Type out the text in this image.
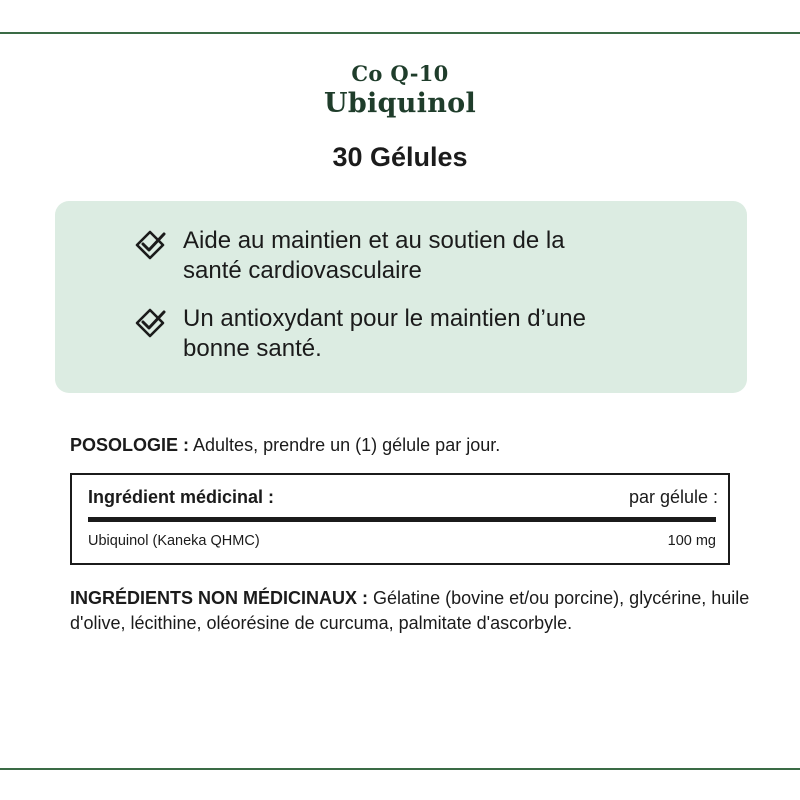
Co Q-10
Ubiquinol
30 Gélules
Aide au maintien et au soutien de la
santé cardiovasculaire
Un antioxydant pour le maintien d’une
bonne santé.
POSOLOGIE : Adultes, prendre un (1) gélule par jour.
Ingrédient médicinal :	par gélule :
Ubiquinol (Kaneka QHMC)	100 mg
INGRÉDIENTS NON MÉDICINAUX : Gélatine (bovine et/ou porcine), glycérine, huile d'olive, lécithine, oléorésine de curcuma, palmitate d'ascorbyle.
